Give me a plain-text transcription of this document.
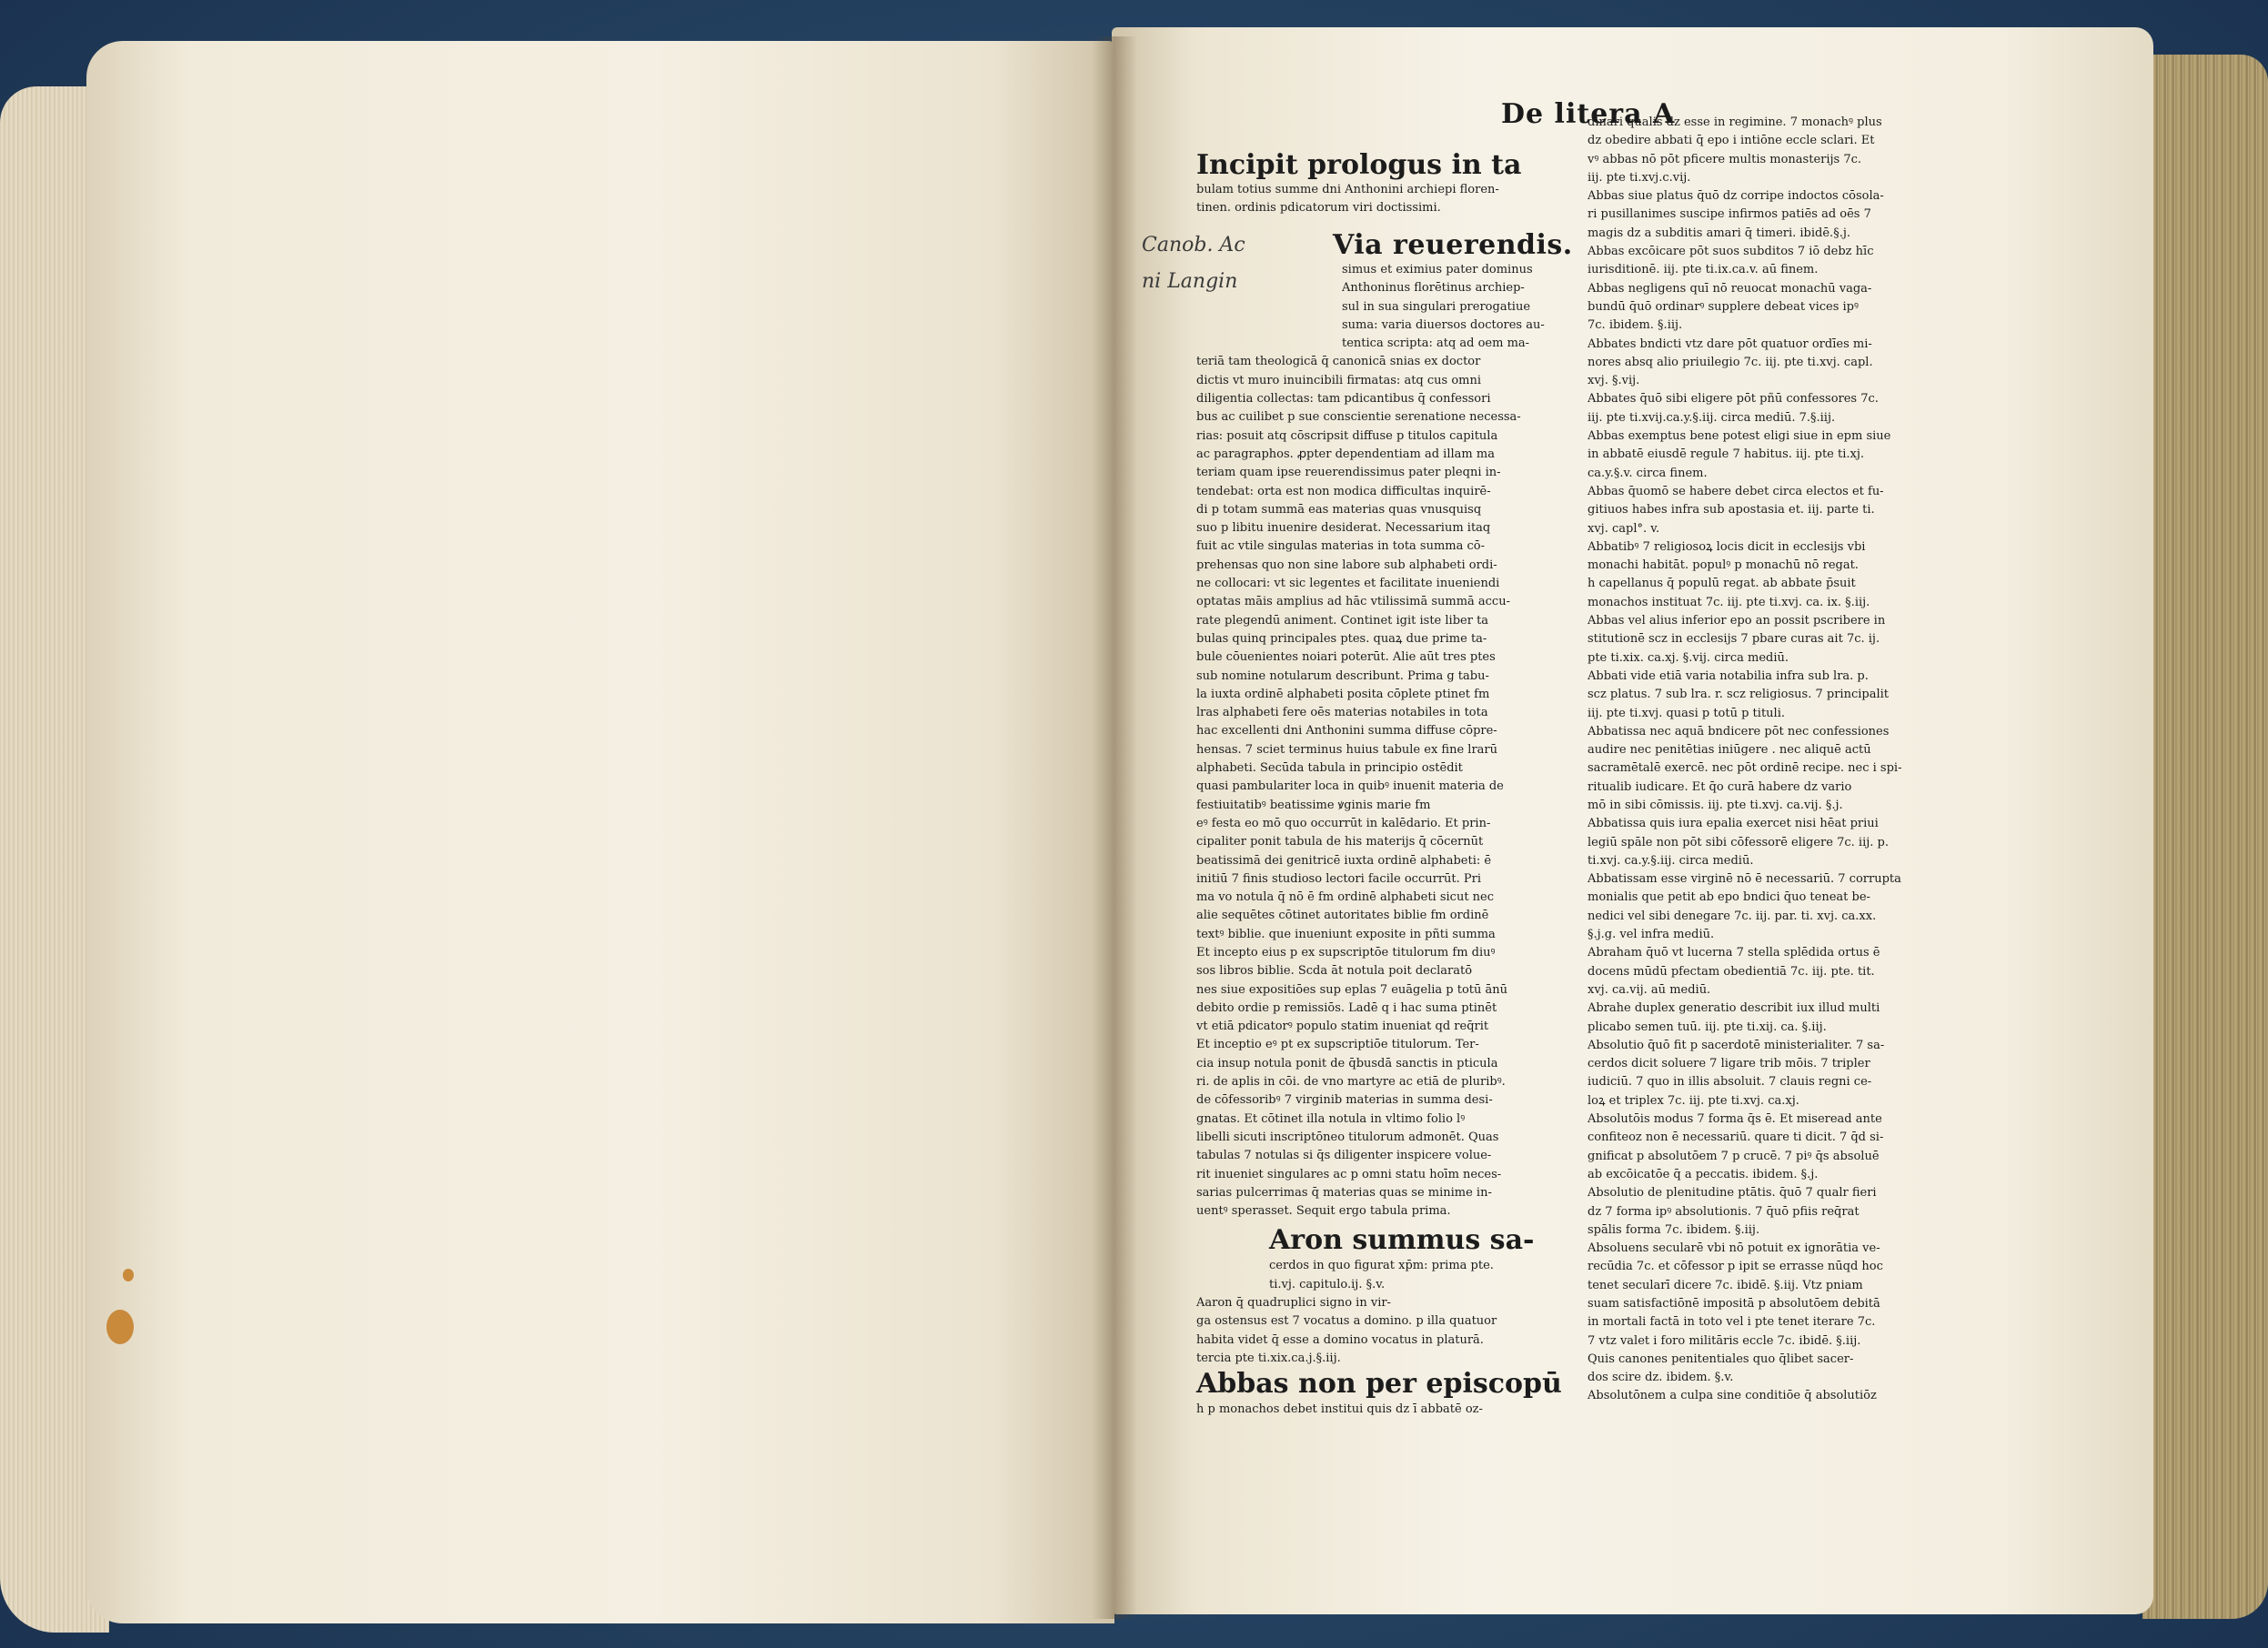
De litera A
Canob. Ac
ni Langin
Incipit prologus in ta
bulam totius summe dni Anthonini archiepi floren-
tinen. ordinis pdicatorum viri doctissimi.
Via reuerendis.
simus et eximius pater dominus
Anthoninus florētinus archiep-
sul in sua singulari prerogatiue
suma: varia diuersos doctores au-
tentica scripta: atq ad oem ma-
teriā tam theologicā q̄ canonicā snias ex doctor
dictis vt muro inuincibili firmatas: atq cus omni
diligentia collectas: tam pdicantibus q̄ confessori
bus ac cuilibet p sue conscientie serenatione necessa-
rias: posuit atq cōscripsit diffuse p titulos capitula
ac paragraphos. ꝓpter dependentiam ad illam ma
teriam quam ipse reuerendissimus pater pleqni in-
tendebat: orta est non modica difficultas inquirē-
di p totam summā eas materias quas vnusquisq
suo p libitu inuenire desiderat. Necessarium itaq
fuit ac vtile singulas materias in tota summa cō-
prehensas quo non sine labore sub alphabeti ordi-
ne collocari: vt sic legentes et facilitate inueniendi
optatas māis amplius ad hāc vtilissimā summā accu-
rate plegendū animent. Continet igit iste liber ta
bulas quinq principales ptes. quaꝝ due prime ta-
bule cōuenientes noiari poterūt. Alie aūt tres ptes
sub nomine notularum describunt. Prima g tabu-
la iuxta ordinē alphabeti posita cōplete ptinet fm
lras alphabeti fere oēs materias notabiles in tota
hac excellenti dni Anthonini summa diffuse cōpre-
hensas. 7 sciet terminus huius tabule ex fine lrarū
alphabeti. Secūda tabula in principio ostēdit
quasi pambulariter loca in quibꝰ inuenit materia de
festiuitatibꝰ beatissime ꝟginis marie fm
eꝰ festa eo mō quo occurrūt in kalēdario. Et prin-
cipaliter ponit tabula de his materijs q̄ cōcernūt
beatissimā dei genitricē iuxta ordinē alphabeti: ē
initiū 7 finis studioso lectori facile occurrūt. Pri
ma vo notula q̄ nō ē fm ordinē alphabeti sicut nec
alie sequētes cōtinet autoritates biblie fm ordinē
textꝰ biblie. que inueniunt exposite in pñti summa
Et incepto eius p ex supscriptōe titulorum fm diuꝰ
sos libros biblie. Scda āt notula poit declaratō
nes siue expositiōes sup eplas 7 euāgelia p totū ānū
debito ordie p remissiōs. Ladē q i hac suma ptinēt
vt etiā pdicatorꝰ populo statim inueniat qd req̄rit
Et inceptio eꝰ pt ex supscriptiōe titulorum. Ter-
cia insup notula ponit de q̄busdā sanctis in pticula
ri. de aplis in cōi. de vno martyre ac etiā de pluribꝰ.
de cōfessoribꝰ 7 virginib materias in summa desi-
gnatas. Et cōtinet illa notula in vltimo folio lꝰ
libelli sicuti inscriptōneo titulorum admonēt. Quas
tabulas 7 notulas si q̄s diligenter inspicere volue-
rit inueniet singulares ac p omni statu hoīm neces-
sarias pulcerrimas q̄ materias quas se minime in-
uentꝰ sperasset. Sequit ergo tabula prima.
Aron summus sa-
cerdos in quo figurat xp̄m: prima pte.
ti.vj. capitulo.ij. §.v.
Aaron q̄ quadruplici signo in vir-
ga ostensus est 7 vocatus a domino. p illa quatuor
habita videt q̄ esse a domino vocatus in platurā.
tercia pte ti.xix.ca.j.§.iij.
Abbas non per episcopū
h p monachos debet institui quis dz ī abbatē oz-
dinari qualis dz esse in regimine. 7 monachꝰ plus
dz obedire abbati q̄ epo i intiōne eccle sclari. Et
vꝰ abbas nō pōt pficere multis monasterijs 7c.
iij. pte ti.xvj.c.vij.
Abbas siue platus q̄uō dz corripe indoctos cōsola-
ri pusillanimes suscipe infirmos patiēs ad oēs 7
magis dz a subditis amari q̄ timeri. ibidē.§.j.
Abbas excōicare pōt suos subditos 7 iō debz hīc
iurisditionē. iij. pte ti.ix.ca.v. aū finem.
Abbas negligens quī nō reuocat monachū vaga-
bundū q̄uō ordinarꝰ supplere debeat vices ipꝰ
7c. ibidem. §.iij.
Abbates bndicti vtz dare pōt quatuor ordīes mi-
nores absq alio priuilegio 7c. iij. pte ti.xvj. capl.
xvj. §.vij.
Abbates q̄uō sibi eligere pōt pñū confessores 7c.
iij. pte ti.xvij.ca.y.§.iij. circa mediū. 7.§.iij.
Abbas exemptus bene potest eligi siue in epm siue
in abbatē eiusdē regule 7 habitus. iij. pte ti.xj.
ca.y.§.v. circa finem.
Abbas q̄uomō se habere debet circa electos et fu-
gitiuos habes infra sub apostasia et. iij. parte ti.
xvj. capl°. v.
Abbatibꝰ 7 religiosoꝝ locis dicit in ecclesijs vbi
monachi habitāt. populꝰ p monachū nō regat.
h capellanus q̄ populū regat. ab abbate p̄suit
monachos instituat 7c. iij. pte ti.xvj. ca. ix. §.iij.
Abbas vel alius inferior epo an possit pscribere in
stitutionē scz in ecclesijs 7 pbare curas ait 7c. ij.
pte ti.xix. ca.xj. §.vij. circa mediū.
Abbati vide etiā varia notabilia infra sub lra. p.
scz platus. 7 sub lra. r. scz religiosus. 7 principalit
iij. pte ti.xvj. quasi p totū p tituli.
Abbatissa nec aquā bndicere pōt nec confessiones
audire nec penitētias iniūgere . nec aliquē actū
sacramētalē exercē. nec pōt ordinē recipe. nec i spi-
ritualib iudicare. Et q̄o curā habere dz vario
mō in sibi cōmissis. iij. pte ti.xvj. ca.vij. §.j.
Abbatissa quis iura epalia exercet nisi hēat priui
legiū spāle non pōt sibi cōfessorē eligere 7c. iij. p.
ti.xvj. ca.y.§.iij. circa mediū.
Abbatissam esse virginē nō ē necessariū. 7 corrupta
monialis que petit ab epo bndici q̄uo teneat be-
nedici vel sibi denegare 7c. iij. par. ti. xvj. ca.xx.
§.j.g. vel infra mediū.
Abraham q̄uō vt lucerna 7 stella splēdida ortus ē
docens mūdū pfectam obedientiā 7c. iij. pte. tit.
xvj. ca.vij. aū mediū.
Abrahe duplex generatio describit iux illud multi
plicabo semen tuū. iij. pte ti.xij. ca. §.iij.
Absolutio q̄uō fit p sacerdotē ministerialiter. 7 sa-
cerdos dicit soluere 7 ligare trib mōis. 7 tripler
iudiciū. 7 quo in illis absoluit. 7 clauis regni ce-
loꝝ et triplex 7c. iij. pte ti.xvj. ca.xj.
Absolutōis modus 7 forma q̄s ē. Et miseread ante
confiteoz non ē necessariū. quare ti dicit. 7 q̄d si-
gnificat p absolutōem 7 p crucē. 7 piꝰ q̄s absoluē
ab excōicatōe q̄ a peccatis. ibidem. §.j.
Absolutio de plenitudine ptātis. q̄uō 7 qualr fieri
dz 7 forma ipꝰ absolutionis. 7 q̄uō pfiis req̄rat
spālis forma 7c. ibidem. §.iij.
Absoluens secularē vbi nō potuit ex ignorātia ve-
recūdia 7c. et cōfessor p ipit se errasse nūqd hoc
tenet secularī dicere 7c. ibidē. §.iij. Vtz pniam
suam satisfactiōnē impositā p absolutōem debitā
in mortali factā in toto vel i pte tenet iterare 7c.
7 vtz valet i foro militāris eccle 7c. ibidē. §.iij.
Quis canones penitentiales quo q̄libet sacer-
dos scire dz. ibidem. §.v.
Absolutōnem a culpa sine conditiōe q̄ absolutiōz
